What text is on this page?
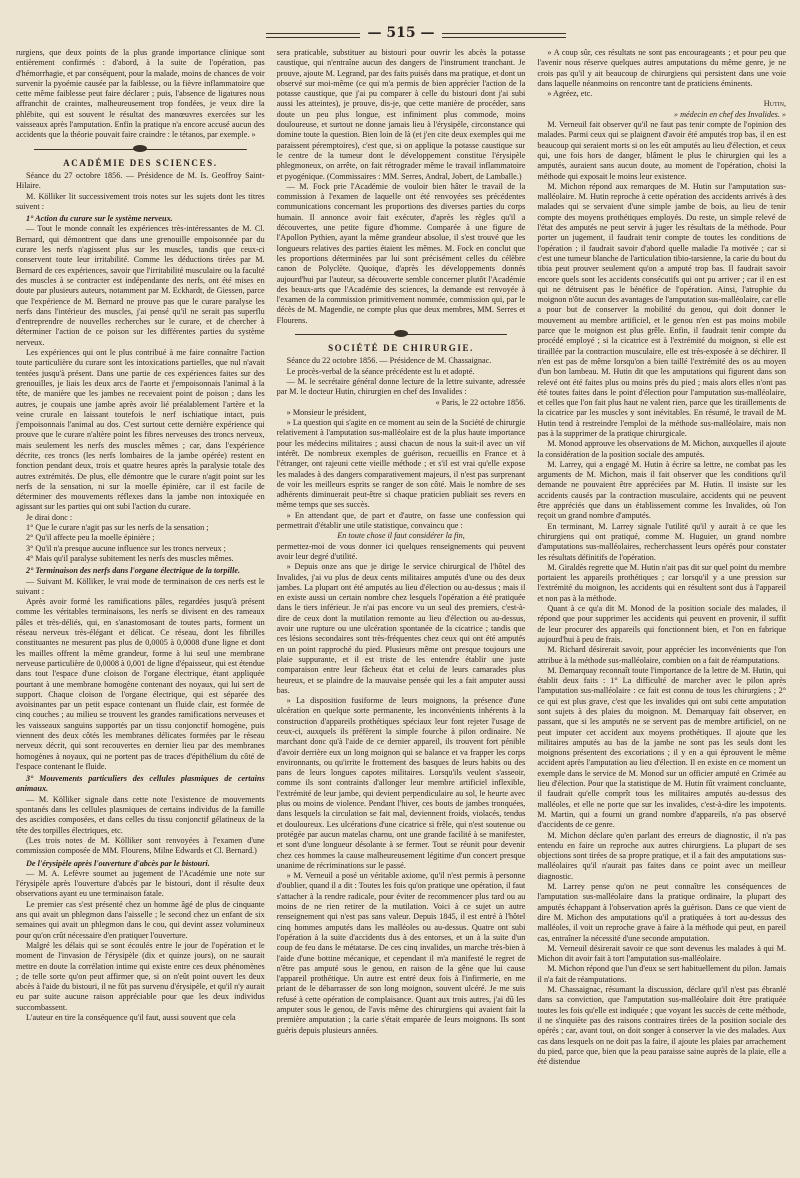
— 515 —

rurgiens, que deux points de la plus grande importance clinique sont entièrement confirmés : d'abord, à la suite de l'opération, pas d'hémorrhagie, et par conséquent, pour la malade, moins de chances de voir survenir la pyoémie causée par la faiblesse, ou la fièvre inflammatoire que cette même faiblesse peut faire déclarer ; puis, l'absence de ligatures nous affranchit de craintes, malheureusement trop fondées, je veux dire la phlébite, qui est souvent le résultat des manœuvres exercées sur les vaisseaux après l'amputation. Enfin la pratique n'a encore accusé aucun des accidents que la théorie pouvait faire craindre : le tétanos, par exemple. »

ACADÉMIE DES SCIENCES.

Séance du 27 octobre 1856. — Présidence de M. Is. Geoffroy Saint-Hilaire.

M. Kölliker lit successivement trois notes sur les sujets dont les titres suivent :

1° Action du curare sur le système nerveux.

— Tout le monde connaît les expériences très-intéressantes de M. Cl. Bernard, qui démontrent que dans une grenouille empoisonnée par du curare les nerfs n'agissent plus sur les muscles, tandis que ceux-ci conservent toute leur irritabilité. Comme les déductions tirées par M. Bernard de ces expériences, savoir que l'irritabilité musculaire ou la faculté des muscles à se contracter est indépendante des nerfs, ont été mises en doute par plusieurs auteurs, notamment par M. Eckhardt, de Giessen, parce que l'expérience de M. Bernard ne prouve pas que le curare paralyse les nerfs dans l'intérieur des muscles, j'ai pensé qu'il ne serait pas superflu d'entreprendre de nouvelles recherches sur le curare, et de chercher à déterminer l'action de ce poison sur les différentes parties du système nerveux.

Les expériences qui ont le plus contribué à me faire connaître l'action toute particulière du curare sont les intoxications partielles, que nul n'avait tentées jusqu'à présent. Dans une partie de ces expériences faites sur des grenouilles, je liais les deux arcs de l'aorte et j'empoisonnais l'animal à la tête, de manière que les jambes ne recevaient point de poison ; dans les autres, je coupais une jambe après avoir lié préalablement l'artère et la veine crurale en laissant toutefois le nerf ischiatique intact, puis j'empoisonnais l'animal au dos. C'est surtout cette dernière expérience qui prouve que le curare n'altère point les fibres nerveuses des troncs nerveux, mais seulement les nerfs des muscles mêmes ; car, dans l'expérience décrite, ces troncs (les nerfs lombaires de la jambe opérée) restent en fonction pendant deux, trois et quatre heures après la paralysie totale des autres extrémités. De plus, elle démontre que le curare n'agit point sur les nerfs de la sensation, ni sur la moelle épinière, car il est facile de déterminer des mouvements réflexes dans la jambe non intoxiquée en agissant sur les parties qui ont subi l'action du curare.

Je dirai donc :

1° Que le curare n'agit pas sur les nerfs de la sensation ;

2° Qu'il affecte peu la moelle épinière ;

3° Qu'il n'a presque aucune influence sur les troncs nerveux ;

4° Mais qu'il paralyse subitement les nerfs des muscles mêmes.

2° Terminaison des nerfs dans l'organe électrique de la torpille.

— Suivant M. Kölliker, le vrai mode de terminaison de ces nerfs est le suivant :

Après avoir formé les ramifications pâles, regardées jusqu'à présent comme les véritables terminaisons, les nerfs se divisent en des rameaux pâles et très-déliés, qui, en s'anastomosant de toutes parts, forment un réseau nerveux très-élégant et délicat. Ce réseau, dont les fibrilles constituantes ne mesurent pas plus de 0,0005 à 0,0008 d'une ligne et dont les mailles offrent la même grandeur, forme à lui seul une membrane nerveuse particulière de 0,0008 à 0,001 de ligne d'épaisseur, qui est étendue dans tout l'espace d'une cloison de l'organe électrique, étant appliquée pourtant à une membrane homogène contenant des noyaux, qui lui sert de support. Chaque cloison de l'organe électrique, qui est séparée des avoisinantes par un petit espace contenant un fluide clair, est formée de cinq couches ; au milieu se trouvent les grandes ramifications nerveuses et les vaisseaux sanguins supportés par un tissu conjonctif homogène, puis viennent des deux côtés les membranes délicates formées par le réseau nerveux décrit, qui sont recouvertes en dernier lieu par des membranes homogènes à noyaux, qui ne portent pas de traces d'épithélium du côté de l'espace contenant le fluide.

3° Mouvements particuliers des cellules plasmiques de certains animaux.

— M. Kölliker signale dans cette note l'existence de mouvements spontanés dans les cellules plasmiques de certains individus de la famille des ascidies composées, et dans celles du tissu conjonctif gélatineux de la tête des torpilles électriques, etc.

(Les trois notes de M. Kölliker sont renvoyées à l'examen d'une commission composée de MM. Flourens, Milne Edwards et Cl. Bernard.)

De l'érysipèle après l'ouverture d'abcès par le bistouri.

— M. A. Lefèvre soumet au jugement de l'Académie une note sur l'érysipèle après l'ouverture d'abcès par le bistouri, dont il résulte deux observations ayant eu une terminaison fatale.

Le premier cas s'est présenté chez un homme âgé de plus de cinquante ans qui avait un phlegmon dans l'aisselle ; le second chez un enfant de six semaines qui avait un phlegmon dans le cou, qui devint assez volumineux pour qu'on crût nécessaire d'en pratiquer l'ouverture.

Malgré les délais qui se sont écoulés entre le jour de l'opération et le moment de l'invasion de l'érysipèle (dix et quinze jours), on ne saurait mettre en doute la corrélation intime qui existe entre ces deux phénomènes ; de telle sorte qu'on peut affirmer que, si on n'eût point ouvert les deux abcès à l'aide du bistouri, il ne fût pas survenu d'érysipèle, et qu'il n'y aurait eu par suite aucune raison appréciable pour que les deux individus succombassent.

L'auteur en tire la conséquence qu'il faut, aussi souvent que cela

sera praticable, substituer au bistouri pour ouvrir les abcès la potasse caustique, qui n'entraîne aucun des dangers de l'instrument tranchant. Je prouve, ajoute M. Legrand, par des faits puisés dans ma pratique, et dont un observé sur moi-même (ce qui m'a permis de bien apprécier l'action de la potasse caustique, que j'ai pu comparer à celle du bistouri dont j'ai subi aussi les atteintes), je prouve, dis-je, que cette manière de procéder, sans doute un peu plus longue, est infiniment plus commode, moins douloureuse, et surtout ne donne jamais lieu à l'érysipèle, circonstance qui domine toute la question. Bien loin de là (et j'en cite deux exemples qui me paraissent péremptoires), c'est que, si on applique la potasse caustique sur le centre de la tumeur dont le développement constitue l'érysipèle phlegmoneux, on arrête, on fait rétrograder même le travail inflammatoire et pyogénique. (Commissaires : MM. Serres, Andral, Jobert, de Lamballe.)

— M. Fock prie l'Académie de vouloir bien hâter le travail de la commission à l'examen de laquelle ont été renvoyées ses précédentes communications concernant les proportions des diverses parties du corps humain. Il annonce avoir fait exécuter, d'après les règles qu'il a découvertes, une petite figure d'homme. Comparée à une figure de l'Apollon Pythien, ayant la même grandeur absolue, il s'est trouvé que les longueurs relatives des parties étaient les mêmes. M. Fock en conclut que les proportions déterminées par lui sont précisément celles du célèbre canon de Polyclète. Quoique, d'après les développements donnés aujourd'hui par l'auteur, sa découverte semble concerner plutôt l'Académie des beaux-arts que l'Académie des sciences, la demande est renvoyée à l'examen de la commission primitivement nommée, commission qui, par le décès de M. Magendie, ne compte plus que deux membres, MM. Serres et Flourens.

SOCIÉTÉ DE CHIRURGIE.

Séance du 22 octobre 1856. — Présidence de M. Chassaignac.

Le procès-verbal de la séance précédente est lu et adopté.

— M. le secrétaire général donne lecture de la lettre suivante, adressée par M. le docteur Hutin, chirurgien en chef des Invalides :

« Paris, le 22 octobre 1856.

» Monsieur le président,

» La question qui s'agite en ce moment au sein de la Société de chirurgie relativement à l'amputation sus-malléolaire est de la plus haute importance pour les médecins militaires ; aussi chacun de nous la suit-il avec un vif intérêt. De nombreux exemples de guérison, recueillis en France et à l'étranger, ont rajeuni cette vieille méthode ; et s'il est vrai qu'elle expose les malades à des dangers comparativement majeurs, il n'est pas surprenant de voir les meilleurs esprits se ranger de son côté. Mais le nombre de ses adhérents diminuerait peut-être si chaque praticien publiait ses revers en même temps que ses succès.

» En attendant que, de part et d'autre, on fasse une confession qui permettrait d'établir une utile statistique, convaincu que :

En toute chose il faut considérer la fin,

permettez-moi de vous donner ici quelques renseignements qui peuvent avoir leur degré d'utilité.

» Depuis onze ans que je dirige le service chirurgical de l'hôtel des Invalides, j'ai vu plus de deux cents militaires amputés d'une ou des deux jambes. La plupart ont été amputés au lieu d'élection ou au-dessus ; mais il en existe aussi un certain nombre chez lesquels l'opération a été pratiquée dans le tiers inférieur. Je n'ai pas encore vu un seul des premiers, c'est-à-dire de ceux dont la mutilation remonte au lieu d'élection ou au-dessus, avoir une rupture ou une ulcération spontanée de la cicatrice ; tandis que ces lésions secondaires sont très-fréquentes chez ceux qui ont été amputés en un point rapproché du pied. Plusieurs même ont presque toujours une plaie suppurante, et il est triste de les entendre établir une juste comparaison entre leur fâcheux état et celui de leurs camarades plus heureux, et se plaindre de la mauvaise pensée qui les a fait amputer aussi bas.

» La disposition fusiforme de leurs moignons, la présence d'une ulcération en quelque sorte permanente, les inconvénients inhérents à la construction d'appareils prothétiques spéciaux leur font rejeter l'usage de ceux-ci, auxquels ils préfèrent la simple fourche à pilon ordinaire. Ne marchant donc qu'à l'aide de ce dernier appareil, ils trouvent fort pénible d'avoir derrière eux un long moignon qui se balance et va frapper les corps environnants, ou qu'irrite le frottement des basques de leurs habits ou des pans de leurs longues capotes militaires. Lorsqu'ils veulent s'asseoir, comme ils sont contraints d'allonger leur membre artificiel inflexible, l'extrémité de leur jambe, qui devient perpendiculaire au sol, le heurte avec plus ou moins de violence. Pendant l'hiver, ces bouts de jambes tronquées, dans lesquels la circulation se fait mal, deviennent froids, violacés, tendus et douloureux. Les ulcérations d'une cicatrice si frêle, qui n'est soutenue ou protégée par aucun matelas charnu, ont une grande facilité à se manifester, et sont d'une longueur désolante à se fermer. Tout se réunit pour devenir chez ces hommes la cause malheureusement légitime d'un concert presque unanime de récriminations sur le passé.

» M. Verneuil a posé un véritable axiome, qu'il n'est permis à personne d'oublier, quand il a dit : Toutes les fois qu'on pratique une opération, il faut s'attacher à la rendre radicale, pour éviter de recommencer plus tard ou au moins de ne rien retirer de la mutilation. Voici à ce sujet un autre renseignement qui n'est pas sans valeur. Depuis 1845, il est entré à l'hôtel cinq hommes amputés dans les malléoles ou au-dessus. Quatre ont subi l'opération à la suite d'accidents dus à des entorses, et un à la suite d'un coup de feu dans le métatarse. De ces cinq invalides, un marche très-bien à l'aide d'une bottine mécanique, et cependant il m'a manifesté le regret de n'être pas amputé sous le genou, en raison de la gêne que lui cause l'appareil prothétique. Un autre est entré deux fois à l'infirmerie, en me priant de le débarrasser de son long moignon, souvent ulcéré. Je me suis refusé à cette opération de complaisance. Quant aux trois autres, j'ai dû les amputer sous le genou, de l'avis même des chirurgiens qui avaient fait la première amputation ; la carie s'était emparée de leurs moignons. Ils sont guéris depuis plusieurs années.

» A coup sûr, ces résultats ne sont pas encourageants ; et pour peu que l'avenir nous réserve quelques autres amputations du même genre, je ne crois pas qu'il y ait beaucoup de chirurgiens qui persistent dans une voie dans laquelle néanmoins on rencontre tant de praticiens éminents.

» Agréez, etc.

Hutin,

» médecin en chef des Invalides. »

M. Verneuil fait observer qu'il ne faut pas tenir compte de l'opinion des malades. Parmi ceux qui se plaignent d'avoir été amputés trop bas, il en est beaucoup qui seraient morts si on les eût amputés au lieu d'élection, et ceux qui, une fois hors de danger, blâment le plus le chirurgien qui les a amputés, auraient sans aucun doute, au moment de l'opération, choisi la méthode qui exposait le moins leur existence.

M. Michon répond aux remarques de M. Hutin sur l'amputation sus-malléolaire. M. Hutin reproche à cette opération des accidents arrivés à des malades qui se servaient d'une simple jambe de bois, au lieu de tenir compte des moyens prothétiques employés. Du reste, un simple relevé de l'état des amputés ne peut servir à juger les résultats de la méthode. Pour porter un jugement, il faudrait tenir compte de toutes les conditions de l'opération ; il faudrait savoir d'abord quelle maladie l'a motivée ; car si c'est une tumeur blanche de l'articulation tibio-tarsienne, la carie du bout du tibia peut prouver seulement qu'on a amputé trop bas. Il faudrait savoir encore quels sont les accidents consécutifs qui ont pu arriver ; car il en est qui ne détruisent pas le bénéfice de l'opération. Ainsi, l'atrophie du moignon n'ôte aucun des avantages de l'amputation sus-malléolaire, car elle a pour but de conserver la mobilité du genou, qui doit donner le mouvement au membre artificiel, et le genou n'en est pas moins mobile parce que le moignon est plus grêle. Enfin, il faudrait tenir compte du procédé employé ; si la cicatrice est à l'extrémité du moignon, si elle est tiraillée par la contraction musculaire, elle est très-exposée à se déchirer. Il n'en est pas de même lorsqu'on a bien taillé l'extrémité des os au moyen d'un bon lambeau. M. Hutin dit que les amputations qui figurent dans son relevé ont été faites plus ou moins près du pied ; mais alors elles n'ont pas été toutes faites dans le point d'élection pour l'amputation sus-malléolaire, et celles que l'on fait plus haut ne valent rien, parce que les tiraillements de la cicatrice par les muscles y sont inévitables. En résumé, le travail de M. Hutin tend à restreindre l'emploi de la méthode sus-malléolaire, mais non pas à la supprimer de la pratique chirurgicale.

M. Monod approuve les observations de M. Michon, auxquelles il ajoute la considération de la position sociale des amputés.

M. Larrey, qui a engagé M. Hutin à écrire sa lettre, ne combat pas les arguments de M. Michon, mais il fait observer que les conditions qu'il demande ne pouvaient être appréciées par M. Hutin. Il insiste sur les accidents causés par la contraction musculaire, accidents qui ne peuvent être appréciés que dans un établissement comme les Invalides, où l'on reçoit un grand nombre d'amputés.

En terminant, M. Larrey signale l'utilité qu'il y aurait à ce que les chirurgiens qui ont pratiqué, comme M. Huguier, un grand nombre d'amputations sus-malléolaires, recherchassent leurs opérés pour constater les résultats définitifs de l'opération.

M. Giraldès regrette que M. Hutin n'ait pas dit sur quel point du membre portaient les appareils prothétiques ; car lorsqu'il y a une pression sur l'extrémité du moignon, les accidents qui en résultent sont dus à l'appareil et non pas à la méthode.

Quant à ce qu'a dit M. Monod de la position sociale des malades, il répond que pour supprimer les accidents qui peuvent en provenir, il suffit de leur procurer des appareils qui fonctionnent bien, et l'on en fabrique aujourd'hui à peu de frais.

M. Richard désirerait savoir, pour apprécier les inconvénients que l'on attribue à la méthode sus-malléolaire, combien on a fait de réamputations.

M. Demarquay reconnaît toute l'importance de la lettre de M. Hutin, qui établit deux faits : 1° La difficulté de marcher avec le pilon après l'amputation sus-malléolaire : ce fait est connu de tous les chirurgiens ; 2° ce qui est plus grave, c'est que les invalides qui ont subi cette amputation sont sujets à des plaies du moignon. M. Demarquay fait observer, en passant, que si les amputés ne se servent pas de membre artificiel, on ne peut imputer cet accident aux moyens prothétiques. Il ajoute que les militaires amputés au bas de la jambe ne sont pas les seuls dont les moignons présentent des excoriations ; il y en a qui éprouvent le même accident après l'amputation au lieu d'élection. Il en existe en ce moment un exemple dans le service de M. Monod sur un officier amputé en Crimée au lieu d'élection. Pour que la statistique de M. Hutin fût vraiment concluante, il faudrait qu'elle comprît tous les militaires amputés au-dessus des malléoles, et elle ne porte que sur les invalides, c'est-à-dire les impotents. M. Martin, qui a fourni un grand nombre d'appareils, n'a pas observé d'accidents de ce genre.

M. Michon déclare qu'en parlant des erreurs de diagnostic, il n'a pas entendu en faire un reproche aux autres chirurgiens. La plupart de ses objections sont tirées de sa propre pratique, et il a fait des amputations sus-malléolaires qu'il n'aurait pas faites dans ce point avec un meilleur diagnostic.

M. Larrey pense qu'on ne peut connaître les conséquences de l'amputation sus-malléolaire dans la pratique ordinaire, la plupart des amputés échappant à l'observation après la guérison. Dans ce que vient de dire M. Michon des amputations qu'il a pratiquées à tort au-dessus des malléoles, il voit un reproche grave à faire à la méthode qui peut, en pareil cas, entraîner la nécessité d'une seconde amputation.

M. Verneuil désirerait savoir ce que sont devenus les malades à qui M. Michon dit avoir fait à tort l'amputation sus-malléolaire.

M. Michon répond que l'un d'eux se sert habituellement du pilon. Jamais il n'a fait de réamputations.

M. Chassaignac, résumant la discussion, déclare qu'il n'est pas ébranlé dans sa conviction, que l'amputation sus-malléolaire doit être pratiquée toutes les fois qu'elle est indiquée ; que voyant les succès de cette méthode, il ne s'inquiète pas des raisons contraires tirées de la position sociale des opérés ; car, avant tout, on doit songer à conserver la vie des malades. Aux cas dans lesquels on ne doit pas la faire, il ajoute les plaies par arrachement du pied, parce que, bien que la peau paraisse saine auprès de la plaie, elle a été distendue
